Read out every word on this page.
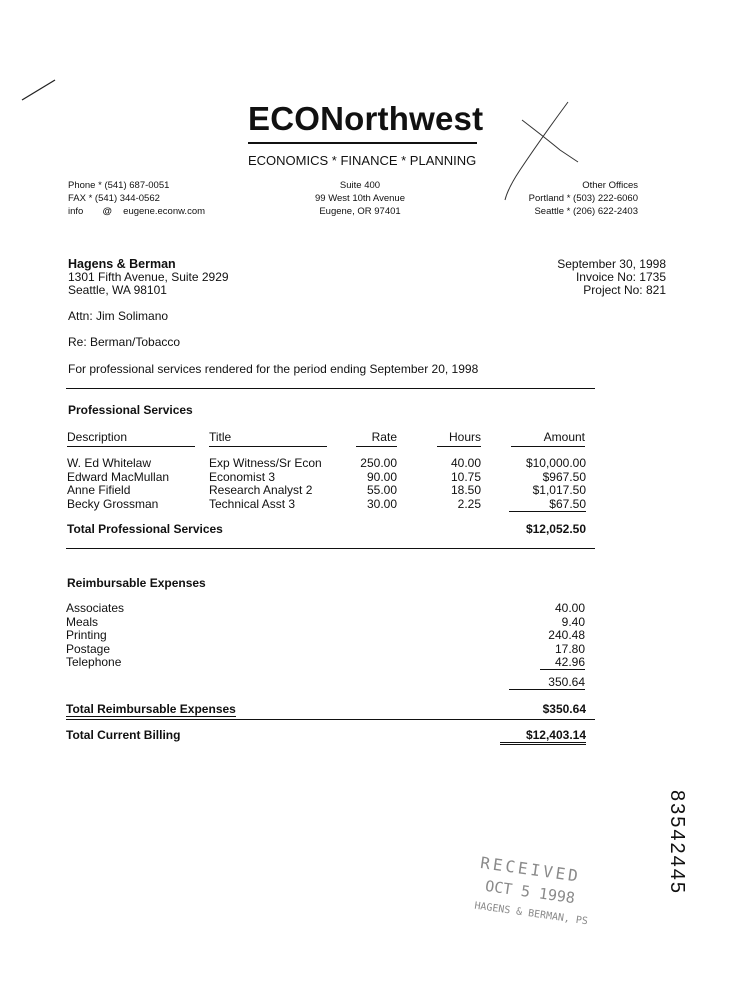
ECONorthwest
ECONOMICS * FINANCE * PLANNING
Phone * (541) 687-0051
FAX * (541) 344-0562
info @ eugene.econw.com
Suite 400
99 West 10th Avenue
Eugene, OR 97401
Other Offices
Portland * (503) 222-6060
Seattle * (206) 622-2403
Hagens & Berman
1301 Fifth Avenue, Suite 2929
Seattle, WA 98101
September 30, 1998
Invoice No: 1735
Project No: 821
Attn: Jim Solimano
Re: Berman/Tobacco
For professional services rendered for the period ending September 20, 1998
Professional Services
Description	Title	Rate	Hours	Amount
W. Ed Whitelaw	Exp Witness/Sr Econ	250.00	40.00	$10,000.00
Edward MacMullan	Economist 3	90.00	10.75	$967.50
Anne Fifield	Research Analyst 2	55.00	18.50	$1,017.50
Becky Grossman	Technical Asst 3	30.00	2.25	$67.50
Total Professional Services	$12,052.50
Reimbursable Expenses
Associates	40.00
Meals	9.40
Printing	240.48
Postage	17.80
Telephone	42.96
350.64
Total Reimbursable Expenses	$350.64
Total Current Billing	$12,403.14
RECEIVED
OCT 5 1998
HAGENS & BERMAN, PS
83542445
